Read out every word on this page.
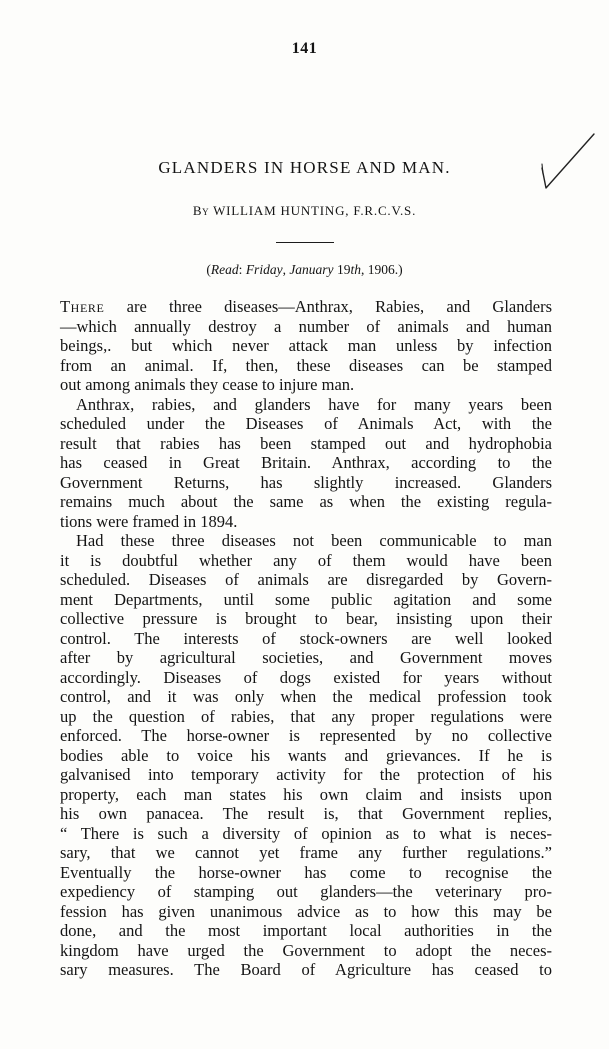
141
GLANDERS IN HORSE AND MAN.
By WILLIAM HUNTING, F.R.C.V.S.
(Read: Friday, January 19th, 1906.)
There are three diseases—Anthrax, Rabies, and Glanders
—which annually destroy a number of animals and human
beings,. but which never attack man unless by infection
from an animal. If, then, these diseases can be stamped
out among animals they cease to injure man.
Anthrax, rabies, and glanders have for many years been
scheduled under the Diseases of Animals Act, with the
result that rabies has been stamped out and hydrophobia
has ceased in Great Britain. Anthrax, according to the
Government Returns, has slightly increased. Glanders
remains much about the same as when the existing regula-
tions were framed in 1894.
Had these three diseases not been communicable to man
it is doubtful whether any of them would have been
scheduled. Diseases of animals are disregarded by Govern-
ment Departments, until some public agitation and some
collective pressure is brought to bear, insisting upon their
control. The interests of stock-owners are well looked
after by agricultural societies, and Government moves
accordingly. Diseases of dogs existed for years without
control, and it was only when the medical profession took
up the question of rabies, that any proper regulations were
enforced. The horse-owner is represented by no collective
bodies able to voice his wants and grievances. If he is
galvanised into temporary activity for the protection of his
property, each man states his own claim and insists upon
his own panacea. The result is, that Government replies,
“ There is such a diversity of opinion as to what is neces-
sary, that we cannot yet frame any further regulations.”
Eventually the horse-owner has come to recognise the
expediency of stamping out glanders—the veterinary pro-
fession has given unanimous advice as to how this may be
done, and the most important local authorities in the
kingdom have urged the Government to adopt the neces-
sary measures. The Board of Agriculture has ceased to
